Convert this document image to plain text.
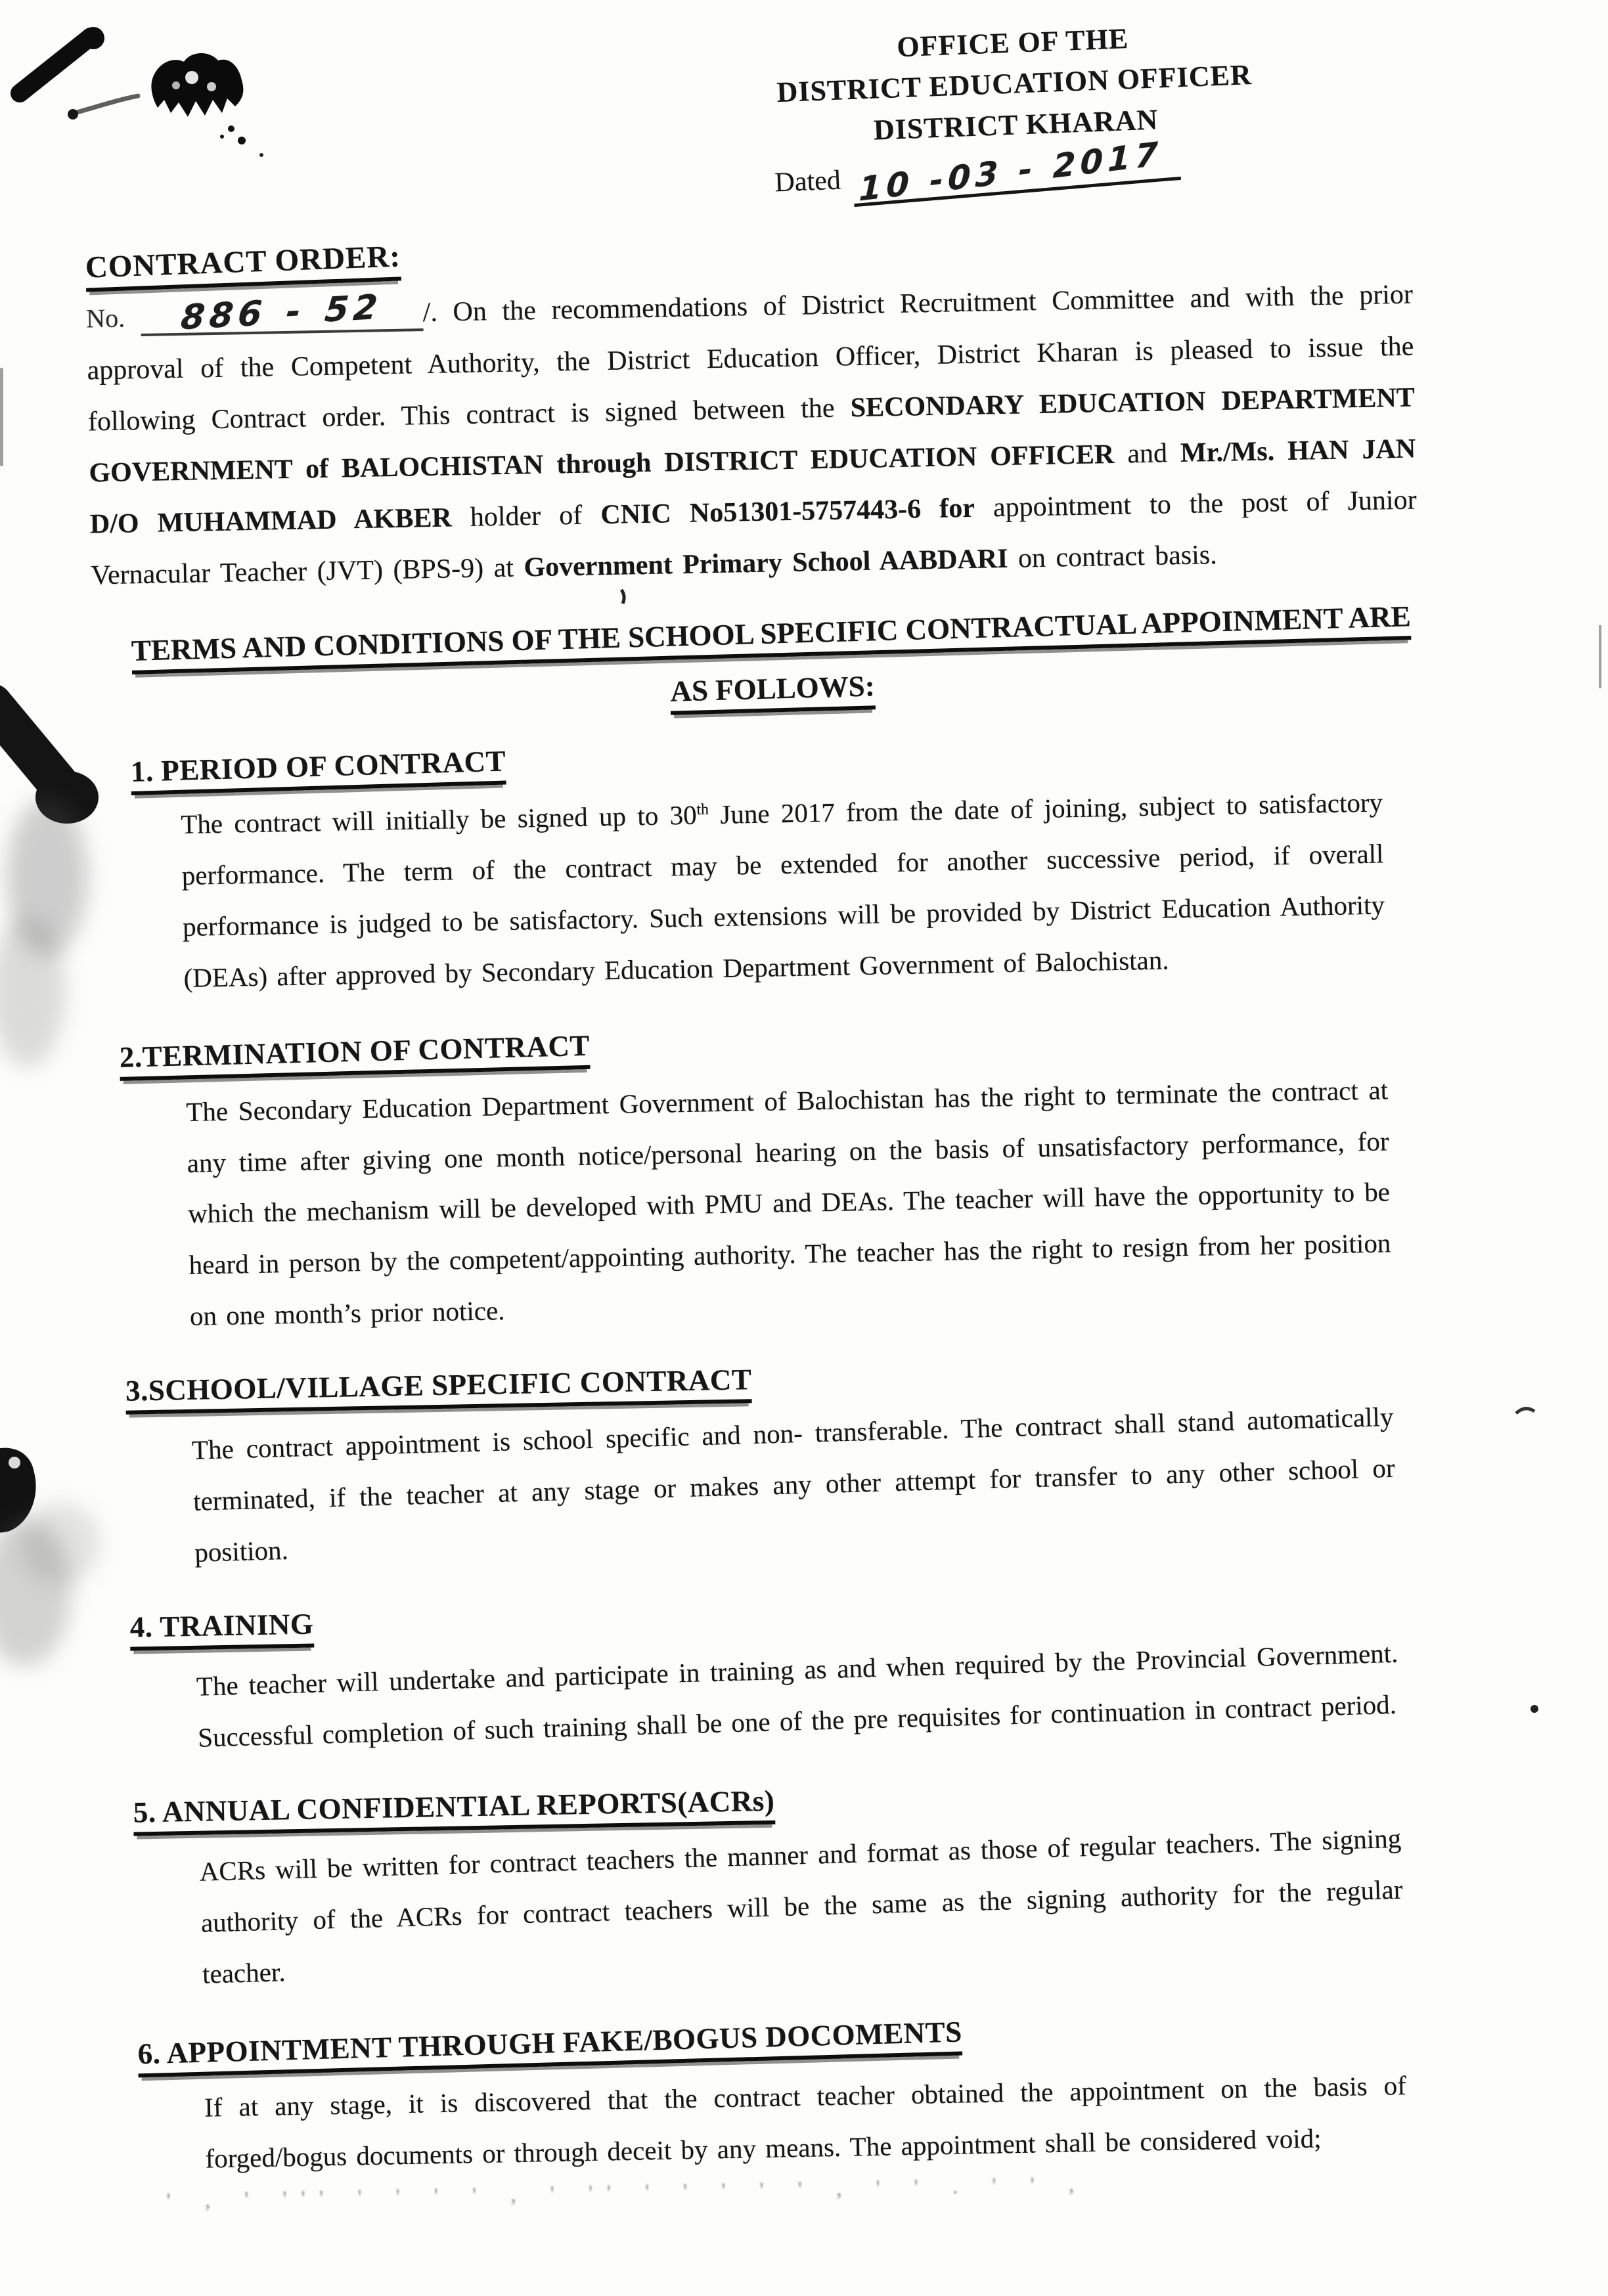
OFFICE OF THE
DISTRICT EDUCATION OFFICER
DISTRICT KHARAN
Dated 10 -03 - 2017
CONTRACT ORDER:

No. 886 - 52 /. On the recommendations of District Recruitment Committee and with the prior approval of the Competent Authority, the District Education Officer, District Kharan is pleased to issue the following Contract order. This contract is signed between the SECONDARY EDUCATION DEPARTMENT GOVERNMENT of BALOCHISTAN through DISTRICT EDUCATION OFFICER and Mr./Ms. HAN JAN D/O MUHAMMAD AKBER holder of CNIC No51301-5757443-6 for appointment to the post of Junior Vernacular Teacher (JVT) (BPS-9) at Government Primary School AABDARI on contract basis.

TERMS AND CONDITIONS OF THE SCHOOL SPECIFIC CONTRACTUAL APPOINMENT ARE
AS FOLLOWS:
1. PERIOD OF CONTRACT

The contract will initially be signed up to 30th June 2017 from the date of joining, subject to satisfactory performance. The term of the contract may be extended for another successive period, if overall performance is judged to be satisfactory. Such extensions will be provided by District Education Authority (DEAs) after approved by Secondary Education Department Government of Balochistan.

2.TERMINATION OF CONTRACT

The Secondary Education Department Government of Balochistan has the right to terminate the contract at any time after giving one month notice/personal hearing on the basis of unsatisfactory performance, for which the mechanism will be developed with PMU and DEAs. The teacher will have the opportunity to be heard in person by the competent/appointing authority. The teacher has the right to resign from her position on one month’s prior notice.

3.SCHOOL/VILLAGE SPECIFIC CONTRACT

The contract appointment is school specific and non- transferable. The contract shall stand automatically terminated, if the teacher at any stage or makes any other attempt for transfer to any other school or position.

4. TRAINING

The teacher will undertake and participate in training as and when required by the Provincial Government. Successful completion of such training shall be one of the pre requisites for continuation in contract period.

5. ANNUAL CONFIDENTIAL REPORTS(ACRs)

ACRs will be written for contract teachers the manner and format as those of regular teachers. The signing authority of the ACRs for contract teachers will be the same as the signing authority for the regular teacher.

6. APPOINTMENT THROUGH FAKE/BOGUS DOCOMENTS

If at any stage, it is discovered that the contract teacher obtained the appointment on the basis of forged/bogus documents or through deceit by any means. The appointment shall be considered void;

' , ' ''' ' ' ' ' , ' '' ' ' ' ' ' , ' ' . ' ' ,
